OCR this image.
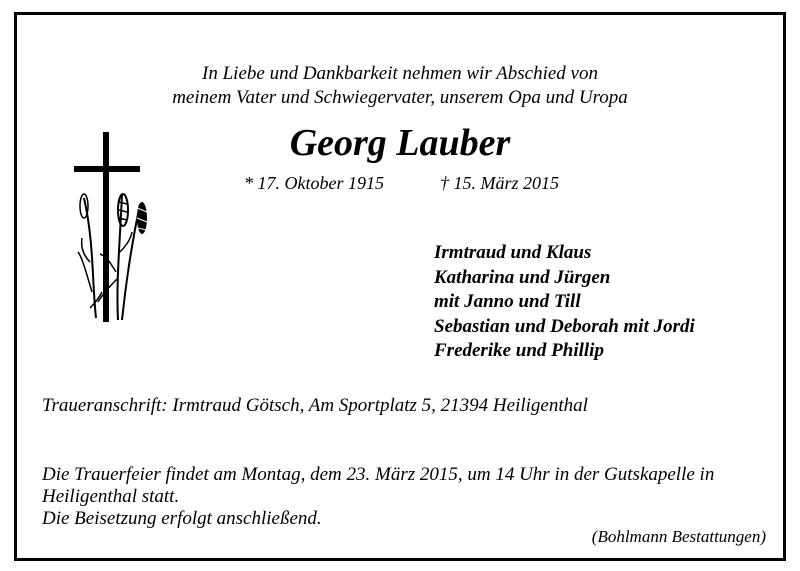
In Liebe und Dankbarkeit nehmen wir Abschied von
meinem Vater und Schwiegervater, unserem Opa und Uropa
Georg Lauber
* 17. Oktober 1915	† 15. März 2015
Irmtraud und Klaus
Katharina und Jürgen
mit Janno und Till
Sebastian und Deborah mit Jordi
Frederike und Phillip
Traueranschrift: Irmtraud Götsch, Am Sportplatz 5, 21394 Heiligenthal
Die Trauerfeier findet am Montag, dem 23. März 2015, um 14 Uhr in der Gutskapelle in
Heiligenthal statt.
Die Beisetzung erfolgt anschließend.
(Bohlmann Bestattungen)
